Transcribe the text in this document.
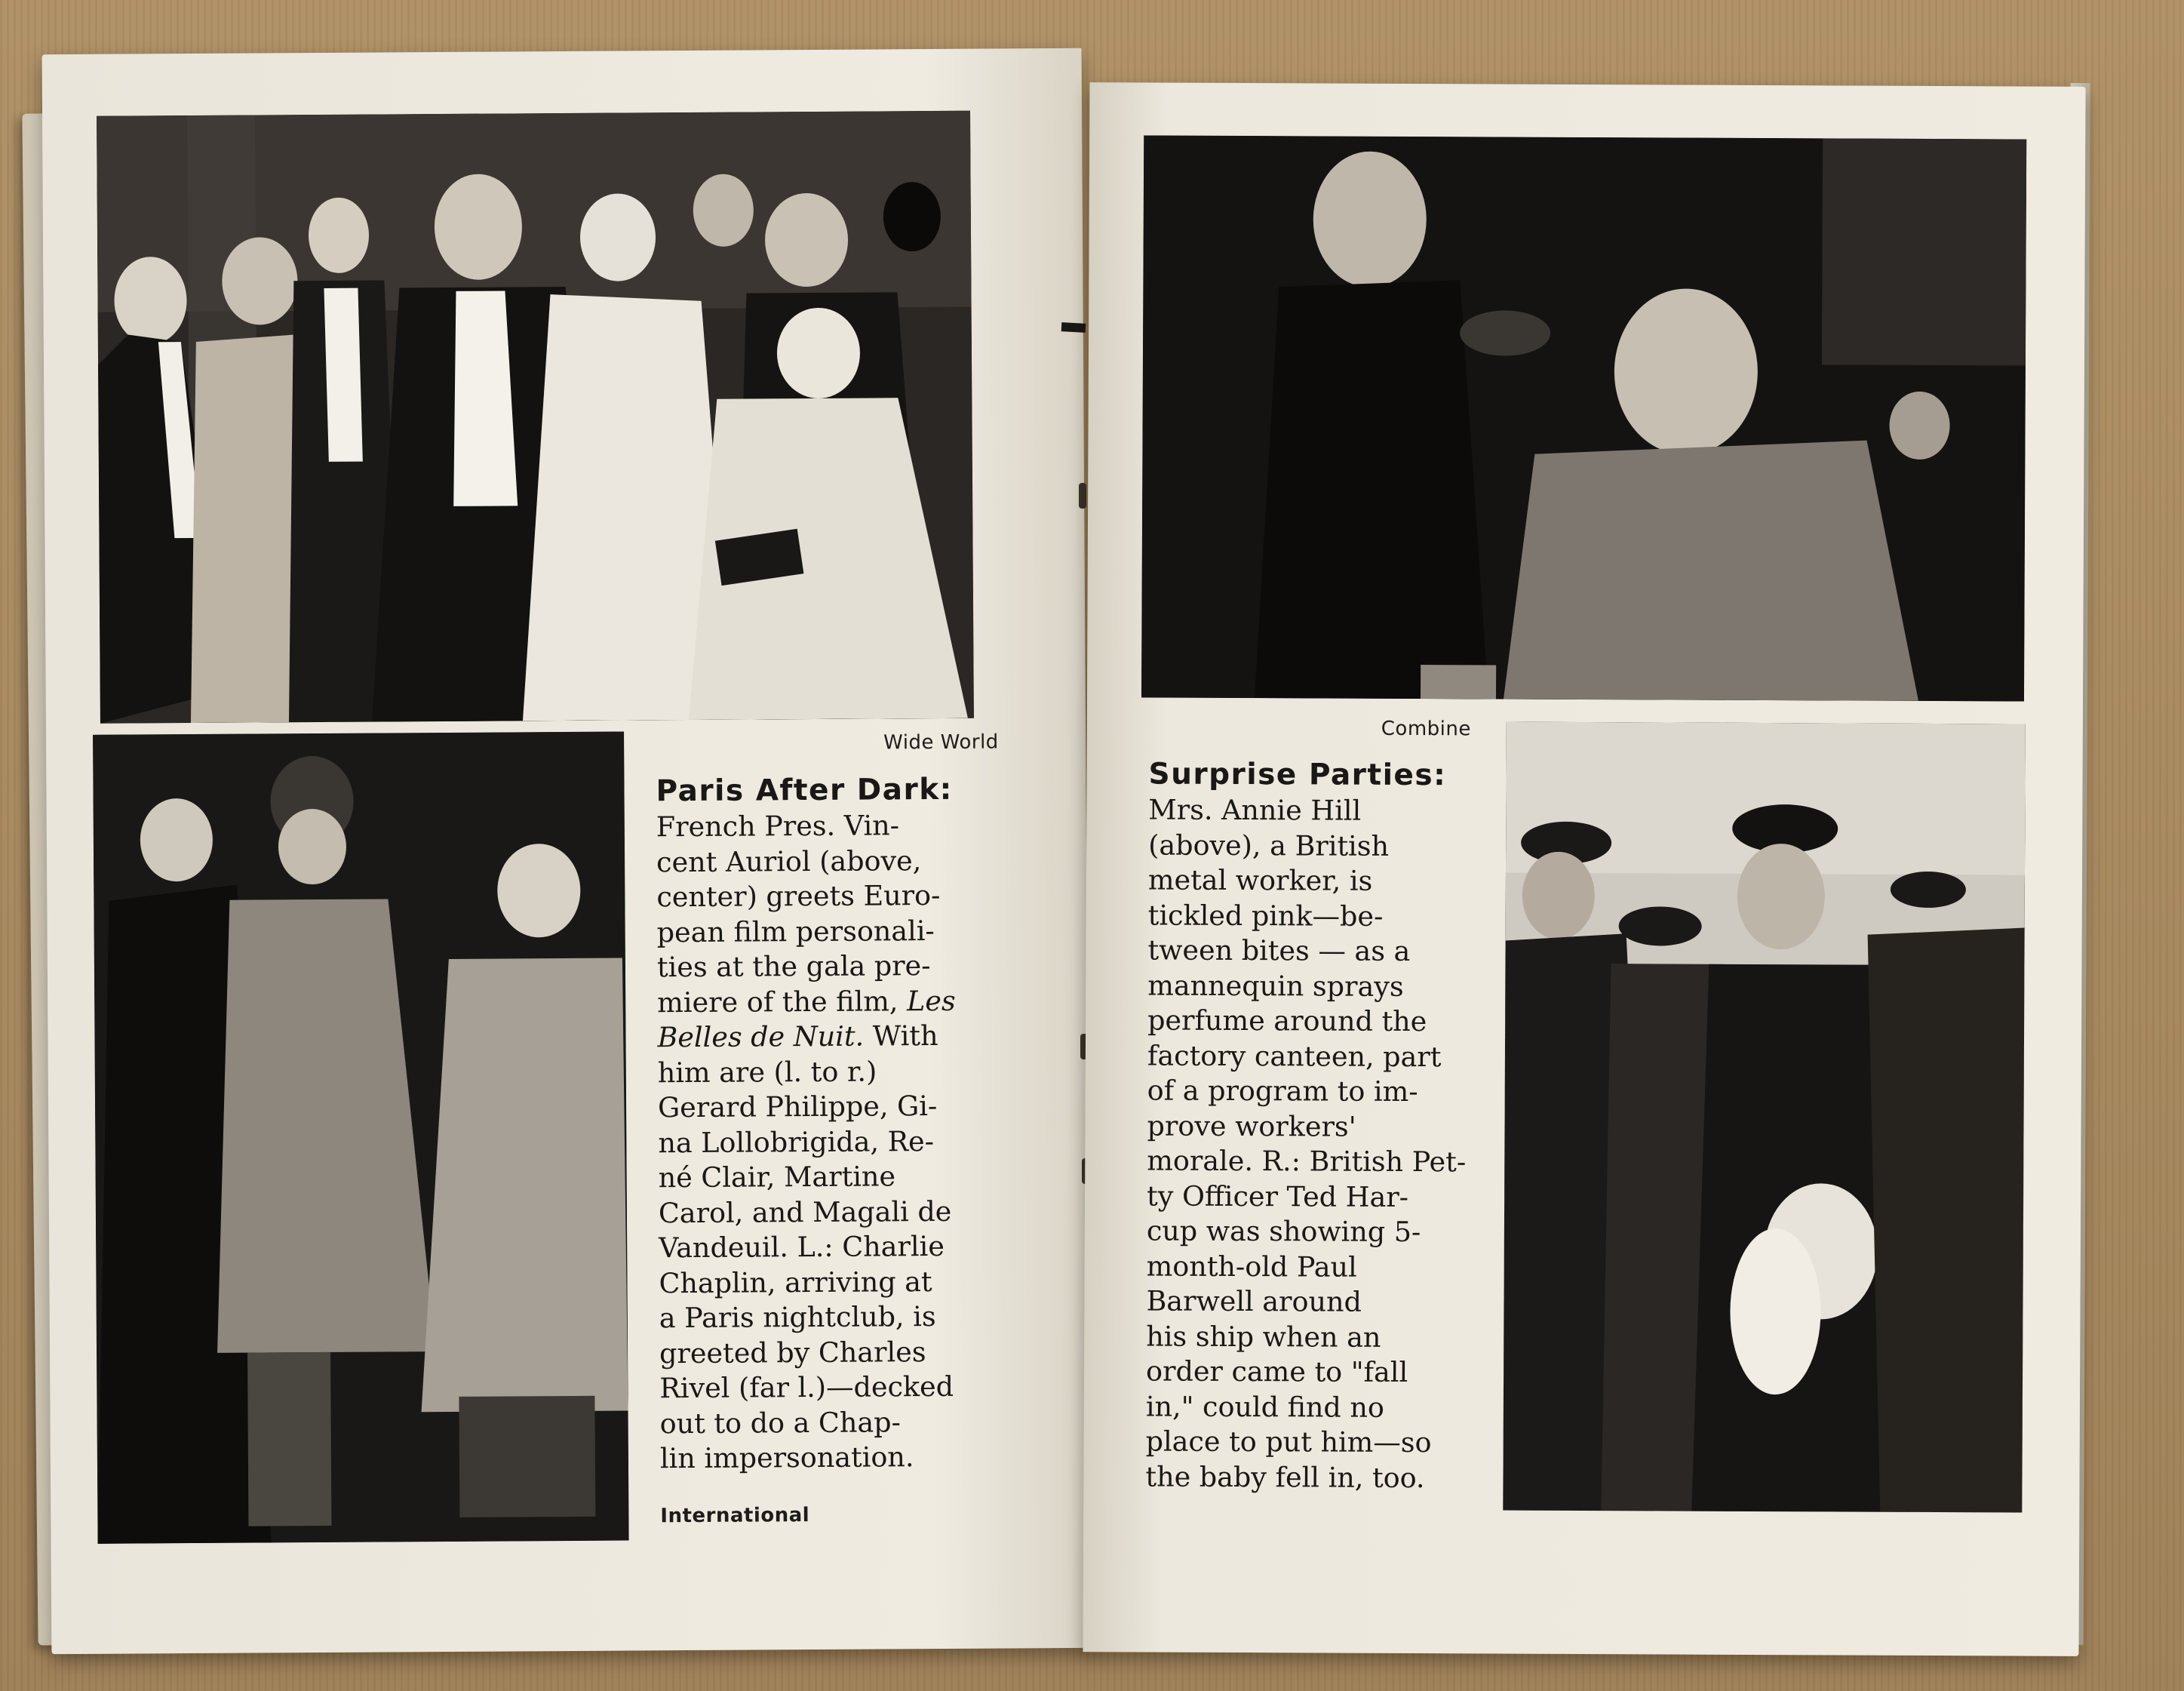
Wide World
International
Paris After Dark:
French Pres. Vin-
cent Auriol (above,
center) greets Euro-
pean film personali-
ties at the gala pre-
miere of the film, Les
Belles de Nuit. With
him are (l. to r.)
Gerard Philippe, Gi-
na Lollobrigida, Re-
né Clair, Martine
Carol, and Magali de
Vandeuil. L.: Charlie
Chaplin, arriving at
a Paris nightclub, is
greeted by Charles
Rivel (far l.)—decked
out to do a Chap-
lin impersonation.
Combine
Surprise Parties:
Mrs. Annie Hill
(above), a British
metal worker, is
tickled pink—be-
tween bites — as a
mannequin sprays
perfume around the
factory canteen, part
of a program to im-
prove workers'
morale. R.: British Pet-
ty Officer Ted Har-
cup was showing 5-
month-old Paul
Barwell around
his ship when an
order came to "fall
in," could find no
place to put him—so
the baby fell in, too.
